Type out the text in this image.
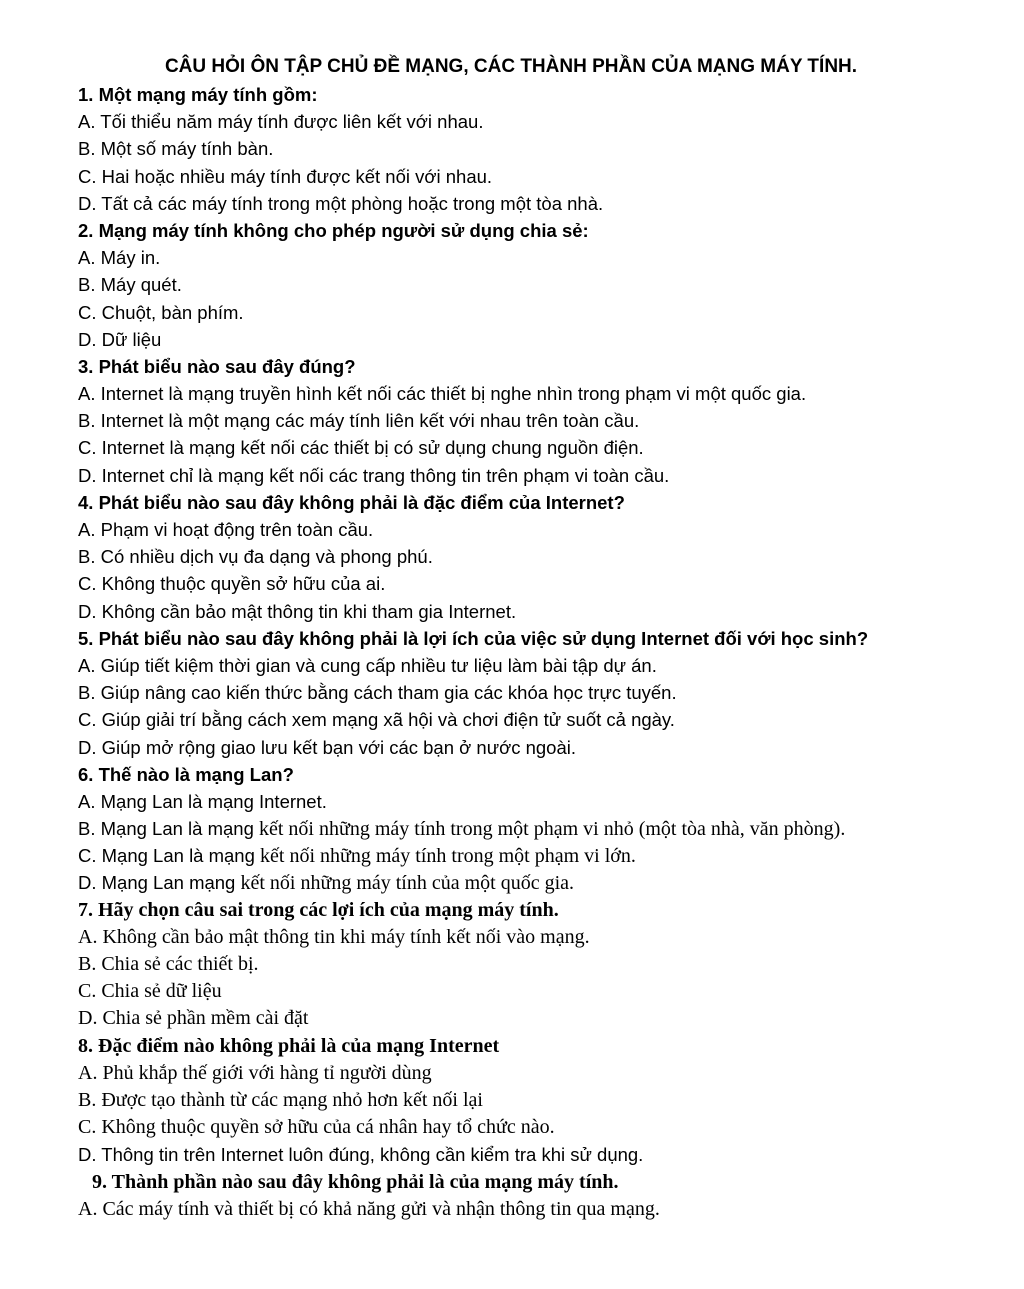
CÂU HỎI ÔN TẬP CHỦ ĐỀ MẠNG, CÁC THÀNH PHẦN CỦA MẠNG MÁY TÍNH.

1. Một mạng máy tính gồm:

A. Tối thiểu năm máy tính được liên kết với nhau.

B. Một số máy tính bàn.

C. Hai hoặc nhiều máy tính được kết nối với nhau.

D. Tất cả các máy tính trong một phòng hoặc trong một tòa nhà.

2. Mạng máy tính không cho phép người sử dụng chia sẻ:

A. Máy in.

B. Máy quét.

C. Chuột, bàn phím.

D. Dữ liệu

3. Phát biểu nào sau đây đúng?

A. Internet là mạng truyền hình kết nối các thiết bị nghe nhìn trong phạm vi một quốc gia.

B. Internet là một mạng các máy tính liên kết với nhau trên toàn cầu.

C. Internet là mạng kết nối các thiết bị có sử dụng chung nguồn điện.

D. Internet chỉ là mạng kết nối các trang thông tin trên phạm vi toàn cầu.

4. Phát biểu nào sau đây không phải là đặc điểm của Internet?

A. Phạm vi hoạt động trên toàn cầu.

B. Có nhiều dịch vụ đa dạng và phong phú.

C. Không thuộc quyền sở hữu của ai.

D. Không cần bảo mật thông tin khi tham gia Internet.

5. Phát biểu nào sau đây không phải là lợi ích của việc sử dụng Internet đối với học sinh?

A. Giúp tiết kiệm thời gian và cung cấp nhiều tư liệu làm bài tập dự án.

B. Giúp nâng cao kiến thức bằng cách tham gia các khóa học trực tuyến.

C. Giúp giải trí bằng cách xem mạng xã hội và chơi điện tử suốt cả ngày.

D. Giúp mở rộng giao lưu kết bạn với các bạn ở nước ngoài.

6. Thế nào là mạng Lan?

A. Mạng Lan là mạng Internet.

B. Mạng Lan là mạng kết nối những máy tính trong một phạm vi nhỏ (một tòa nhà, văn phòng).

C. Mạng Lan là mạng kết nối những máy tính trong một phạm vi lớn.

D. Mạng Lan mạng kết nối những máy tính của một quốc gia.

7. Hãy chọn câu sai trong các lợi ích của mạng máy tính.

A. Không cần bảo mật thông tin khi máy tính kết nối vào mạng.

B. Chia sẻ các thiết bị.

C. Chia sẻ dữ liệu

D. Chia sẻ phần mềm cài đặt

8. Đặc điểm nào không phải là của mạng Internet

A. Phủ khắp thế giới với hàng tỉ người dùng

B. Được tạo thành từ các mạng nhỏ hơn kết nối lại

C. Không thuộc quyền sở hữu của cá nhân hay tổ chức nào.

D. Thông tin trên Internet luôn đúng, không cần kiểm tra khi sử dụng.

9. Thành phần nào sau đây không phải là của mạng máy tính.

A. Các máy tính và thiết bị có khả năng gửi và nhận thông tin qua mạng.
